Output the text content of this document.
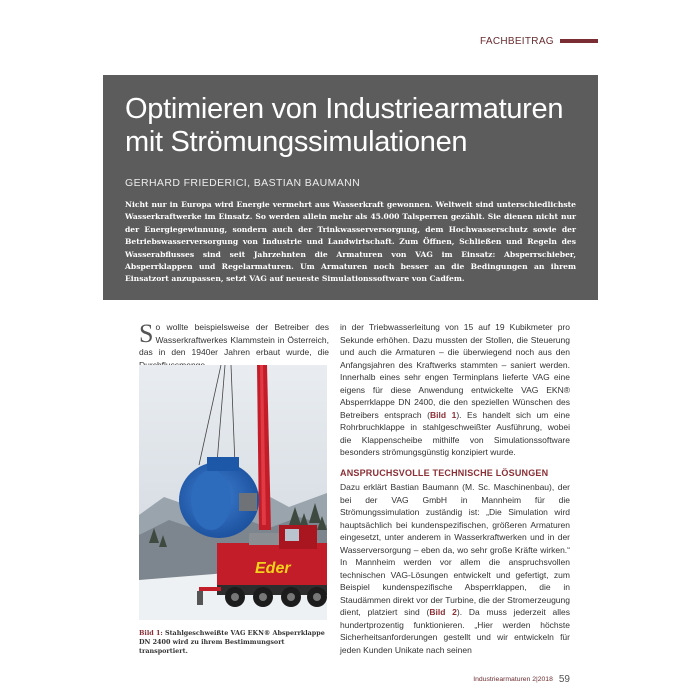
FACHBEITRAG
Optimieren von Industriearmaturen
mit Strömungssimulationen
GERHARD FRIEDERICI, BASTIAN BAUMANN
Nicht nur in Europa wird Energie vermehrt aus Wasserkraft gewonnen. Weltweit sind unterschiedlichste Wasserkraftwerke im Einsatz. So werden allein mehr als 45.000 Talsperren gezählt. Sie dienen nicht nur der Energiegewinnung, sondern auch der Trinkwasserversorgung, dem Hochwasserschutz sowie der Betriebswasserversorgung von Industrie und Landwirtschaft. Zum Öffnen, Schließen und Regeln des Wasserabflusses sind seit Jahrzehnten die Armaturen von VAG im Einsatz: Absperrschieber, Absperrklappen und Regelarmaturen. Um Armaturen noch besser an die Bedingungen an ihrem Einsatzort anzupassen, setzt VAG auf neueste Simulationssoftware von Cadfem.

So wollte beispielsweise der Betreiber des Wasserkraftwerkes Klammstein in Österreich, das in den 1940er Jahren erbaut wurde, die

Eder
Bild 1: Stahlgeschweißte VAG EKN® Absperrklappe DN 2400 wird zu ihrem Bestimmungsort transportiert.

in der Triebwasserleitung von 15 auf 19 Kubikmeter pro Sekunde erhöhen. Dazu mussten der Stollen, die Steuerung und auch die Armaturen – die überwiegend noch aus den Anfangsjahren des Kraftwerks stammten – saniert werden. Innerhalb eines sehr engen Terminplans lieferte VAG eine eigens für diese Anwendung entwickelte VAG EKN® Absperrklappe DN 2400, die den speziellen Wünschen des Betreibers entsprach (Bild 1). Es handelt sich um eine Rohrbruchklappe in stahlgeschweißter Ausführung, wobei die Klappenscheibe mithilfe von Simulationssoftware besonders strömungsgünstig konzipiert wurde.

ANSPRUCHSVOLLE TECHNISCHE LÖSUNGEN

Dazu erklärt Bastian Baumann (M. Sc. Maschinenbau), der bei der VAG GmbH in Mannheim für die Strömungssimulation zuständig ist: „Die Simulation wird hauptsächlich bei kundenspezifischen, größeren Armaturen eingesetzt, unter anderem in Wasserkraftwerken und in der Wasserversorgung – eben da, wo sehr große Kräfte wirken.“ In Mannheim werden vor allem die anspruchsvollen technischen VAG-Lösungen entwickelt und gefertigt, zum Beispiel kundenspezifische Absperrklappen, die in Staudämmen direkt vor der Turbine, die der Stromerzeugung dient, platziert sind (Bild 2). Da muss jederzeit alles hundertprozentig funktionieren. „Hier werden höchste Sicherheitsanforderungen gestellt und wir entwickeln für jeden Kunden Unikate nach seinen

Industriearmaturen 2|2018 59
